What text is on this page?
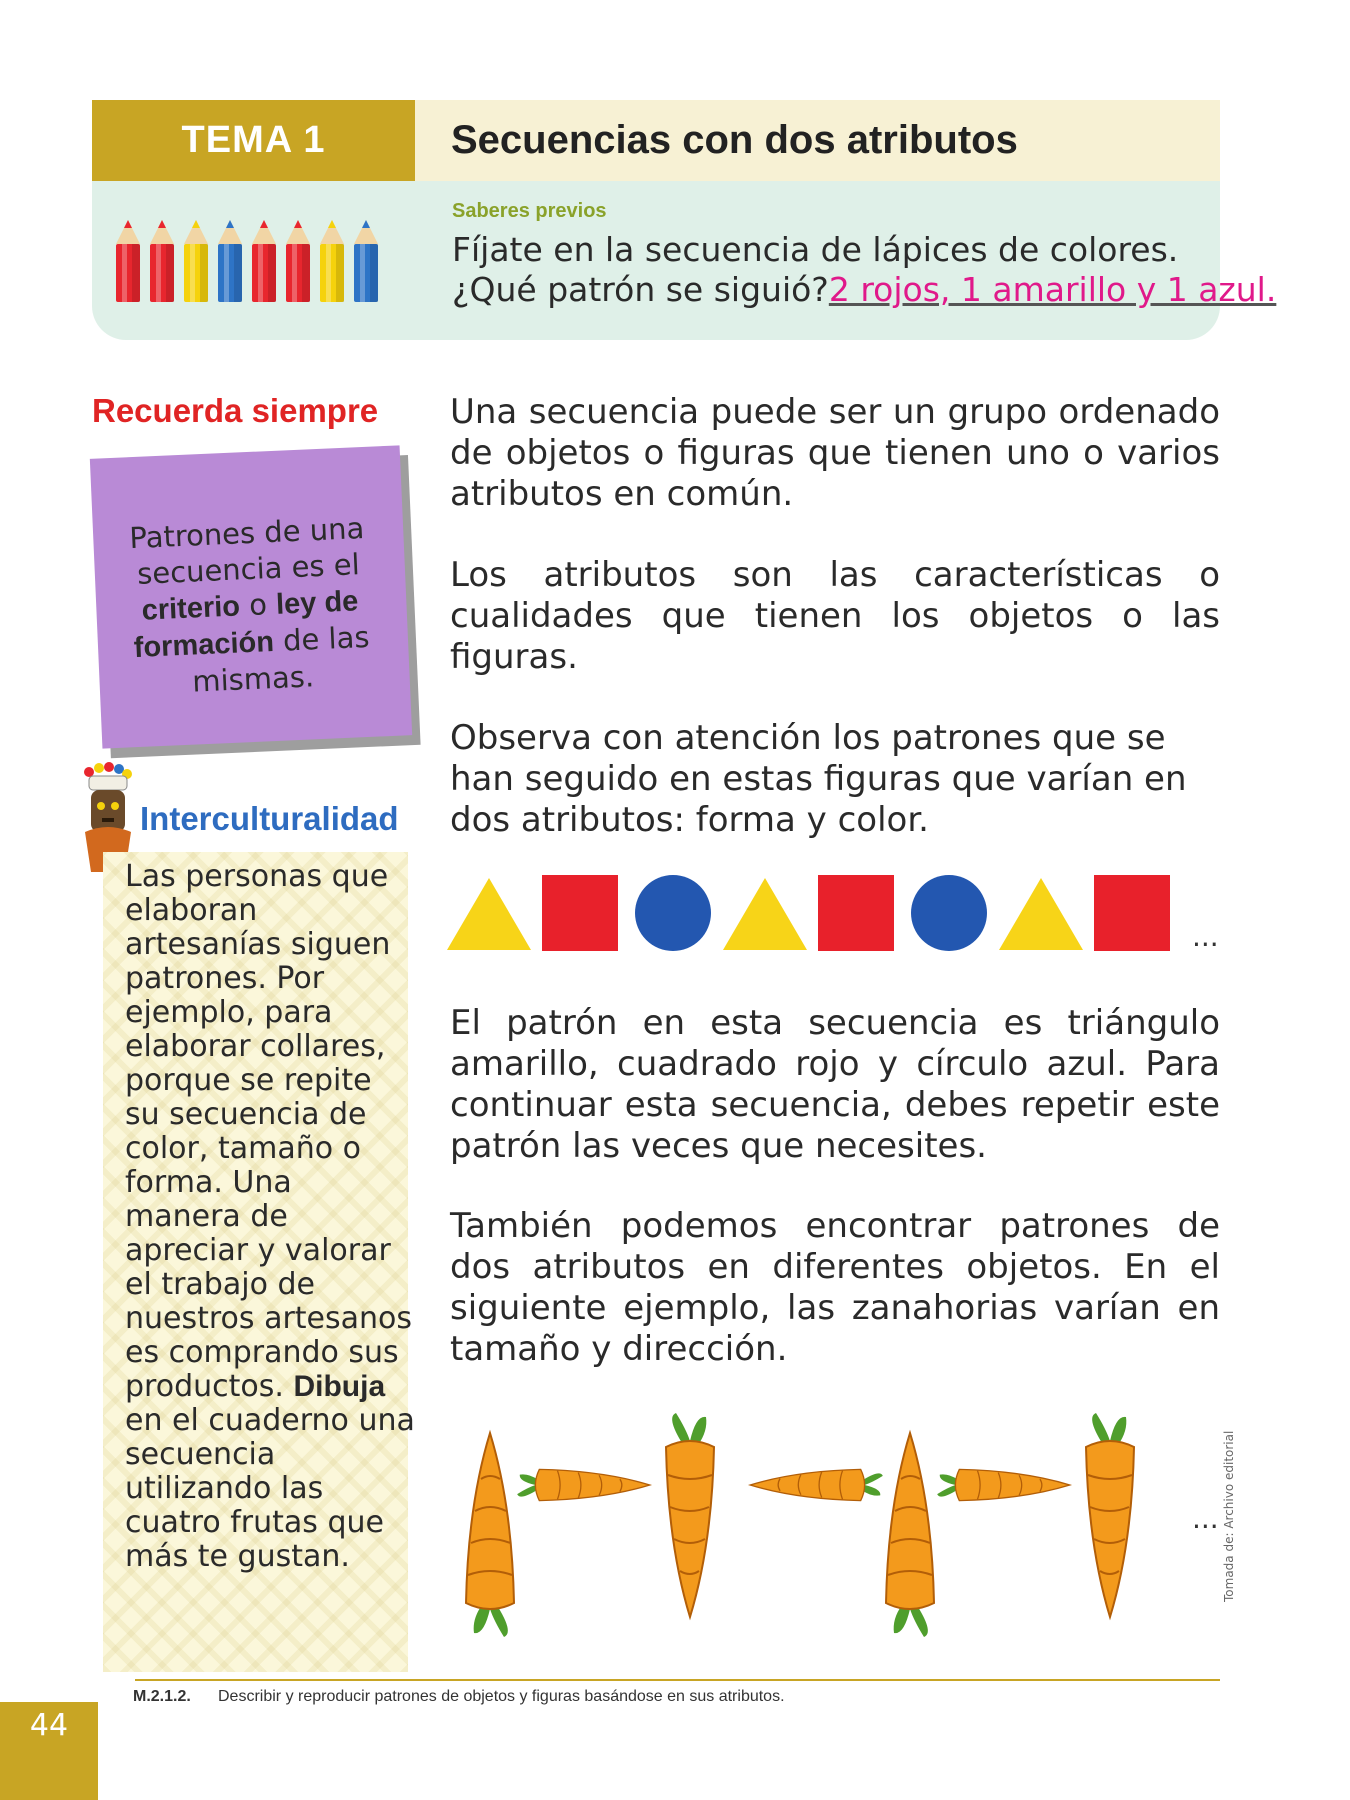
TEMA 1	Secuencias con dos atributos
Saberes previos
Fíjate en la secuencia de lápices de colores.
¿Qué patrón se siguió?2 rojos, 1 amarillo y 1 azul.
Recuerda siempre
Patrones de una secuencia es el criterio o ley de formación de las mismas.
Interculturalidad
Las personas que elaboran artesanías siguen patrones. Por ejemplo, para elaborar collares, porque se repite su secuencia de color, tamaño o forma. Una manera de apreciar y valorar el trabajo de nuestros artesanos es comprando sus productos. Dibuja en el cuaderno una secuencia utilizando las cuatro frutas que más te gustan.
Una secuencia puede ser un grupo ordenado de objetos o figuras que tienen uno o varios atributos en común.
Los atributos son las características o cualidades que tienen los objetos o las figuras.
Observa con atención los patrones que se han seguido en estas figuras que varían en dos atributos: forma y color.
...
El patrón en esta secuencia es triángulo amarillo, cuadrado rojo y círculo azul. Para continuar esta secuencia, debes repetir este patrón las veces que necesites.
También podemos encontrar patrones de dos atributos en diferentes objetos. En el siguiente ejemplo, las zanahorias varían en tamaño y dirección.
... Tomada de: Archivo editorial
M.2.1.2. Describir y reproducir patrones de objetos y figuras basándose en sus atributos.
44
